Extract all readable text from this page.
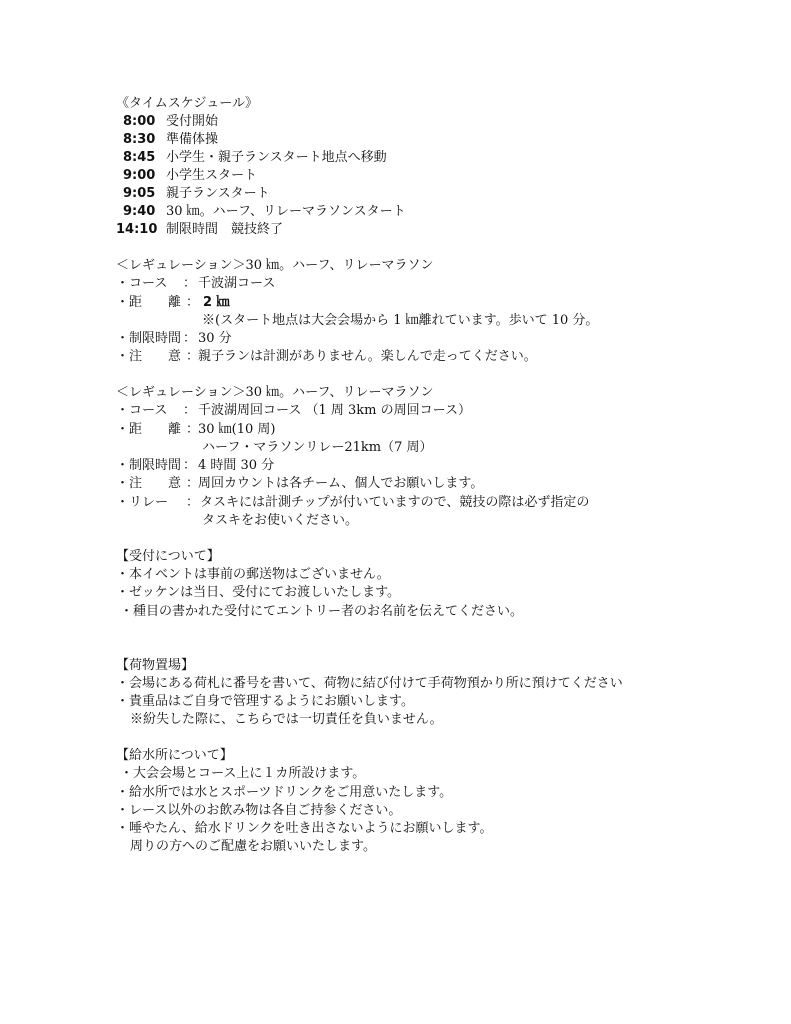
《タイムスケジュール》
8:00 受付開始
8:30 準備体操
8:45 小学生・親子ランスタート地点へ移動
9:00 小学生スタート
9:05 親子ランスタート
9:40 30 ㎞。ハーフ、リレーマラソンスタート
14:10 制限時間　競技終了
＜レギュレーション＞30 ㎞。ハーフ、リレーマラソン
・コース ： 千波湖コース
・距　　離 ： 2 ㎞
※(スタート地点は大会会場から 1 ㎞離れています。歩いて 10 分。
・制限時間 ： 30 分
・注　　意 ：
親子ランは計測がありません。楽しんで走ってください。
＜レギュレーション＞30 ㎞。ハーフ、リレーマラソン
・コース ： 千波湖周回コース （1 周 3km の周回コース）
・距　　離 ：
30 ㎞(10 周)
ハーフ・マラソンリレー21km（7 周）
・制限時間 ： 4 時間 30 分
・注　　意 ：
周回カウントは各チーム、個人でお願いします。
・リレー ： タスキには計測チップが付いていますので、競技の際は必ず指定の
タスキをお使いください。
【受付について】
・本イベントは事前の郵送物はございません。
・ゼッケンは当日、受付にてお渡しいたします。
・種目の書かれた受付にてエントリー者のお名前を伝えてください。
【荷物置場】
・会場にある荷札に番号を書いて、荷物に結び付けて手荷物預かり所に預けてください
・貴重品はご自身で管理するようにお願いします。
※紛失した際に、こちらでは一切責任を負いません。
【給水所について】
・大会会場とコース上に１カ所設けます。
・給水所では水とスポーツドリンクをご用意いたします。
・レース以外のお飲み物は各自ご持参ください。
・唾やたん、給水ドリンクを吐き出さないようにお願いします。
周りの方へのご配慮をお願いいたします。
